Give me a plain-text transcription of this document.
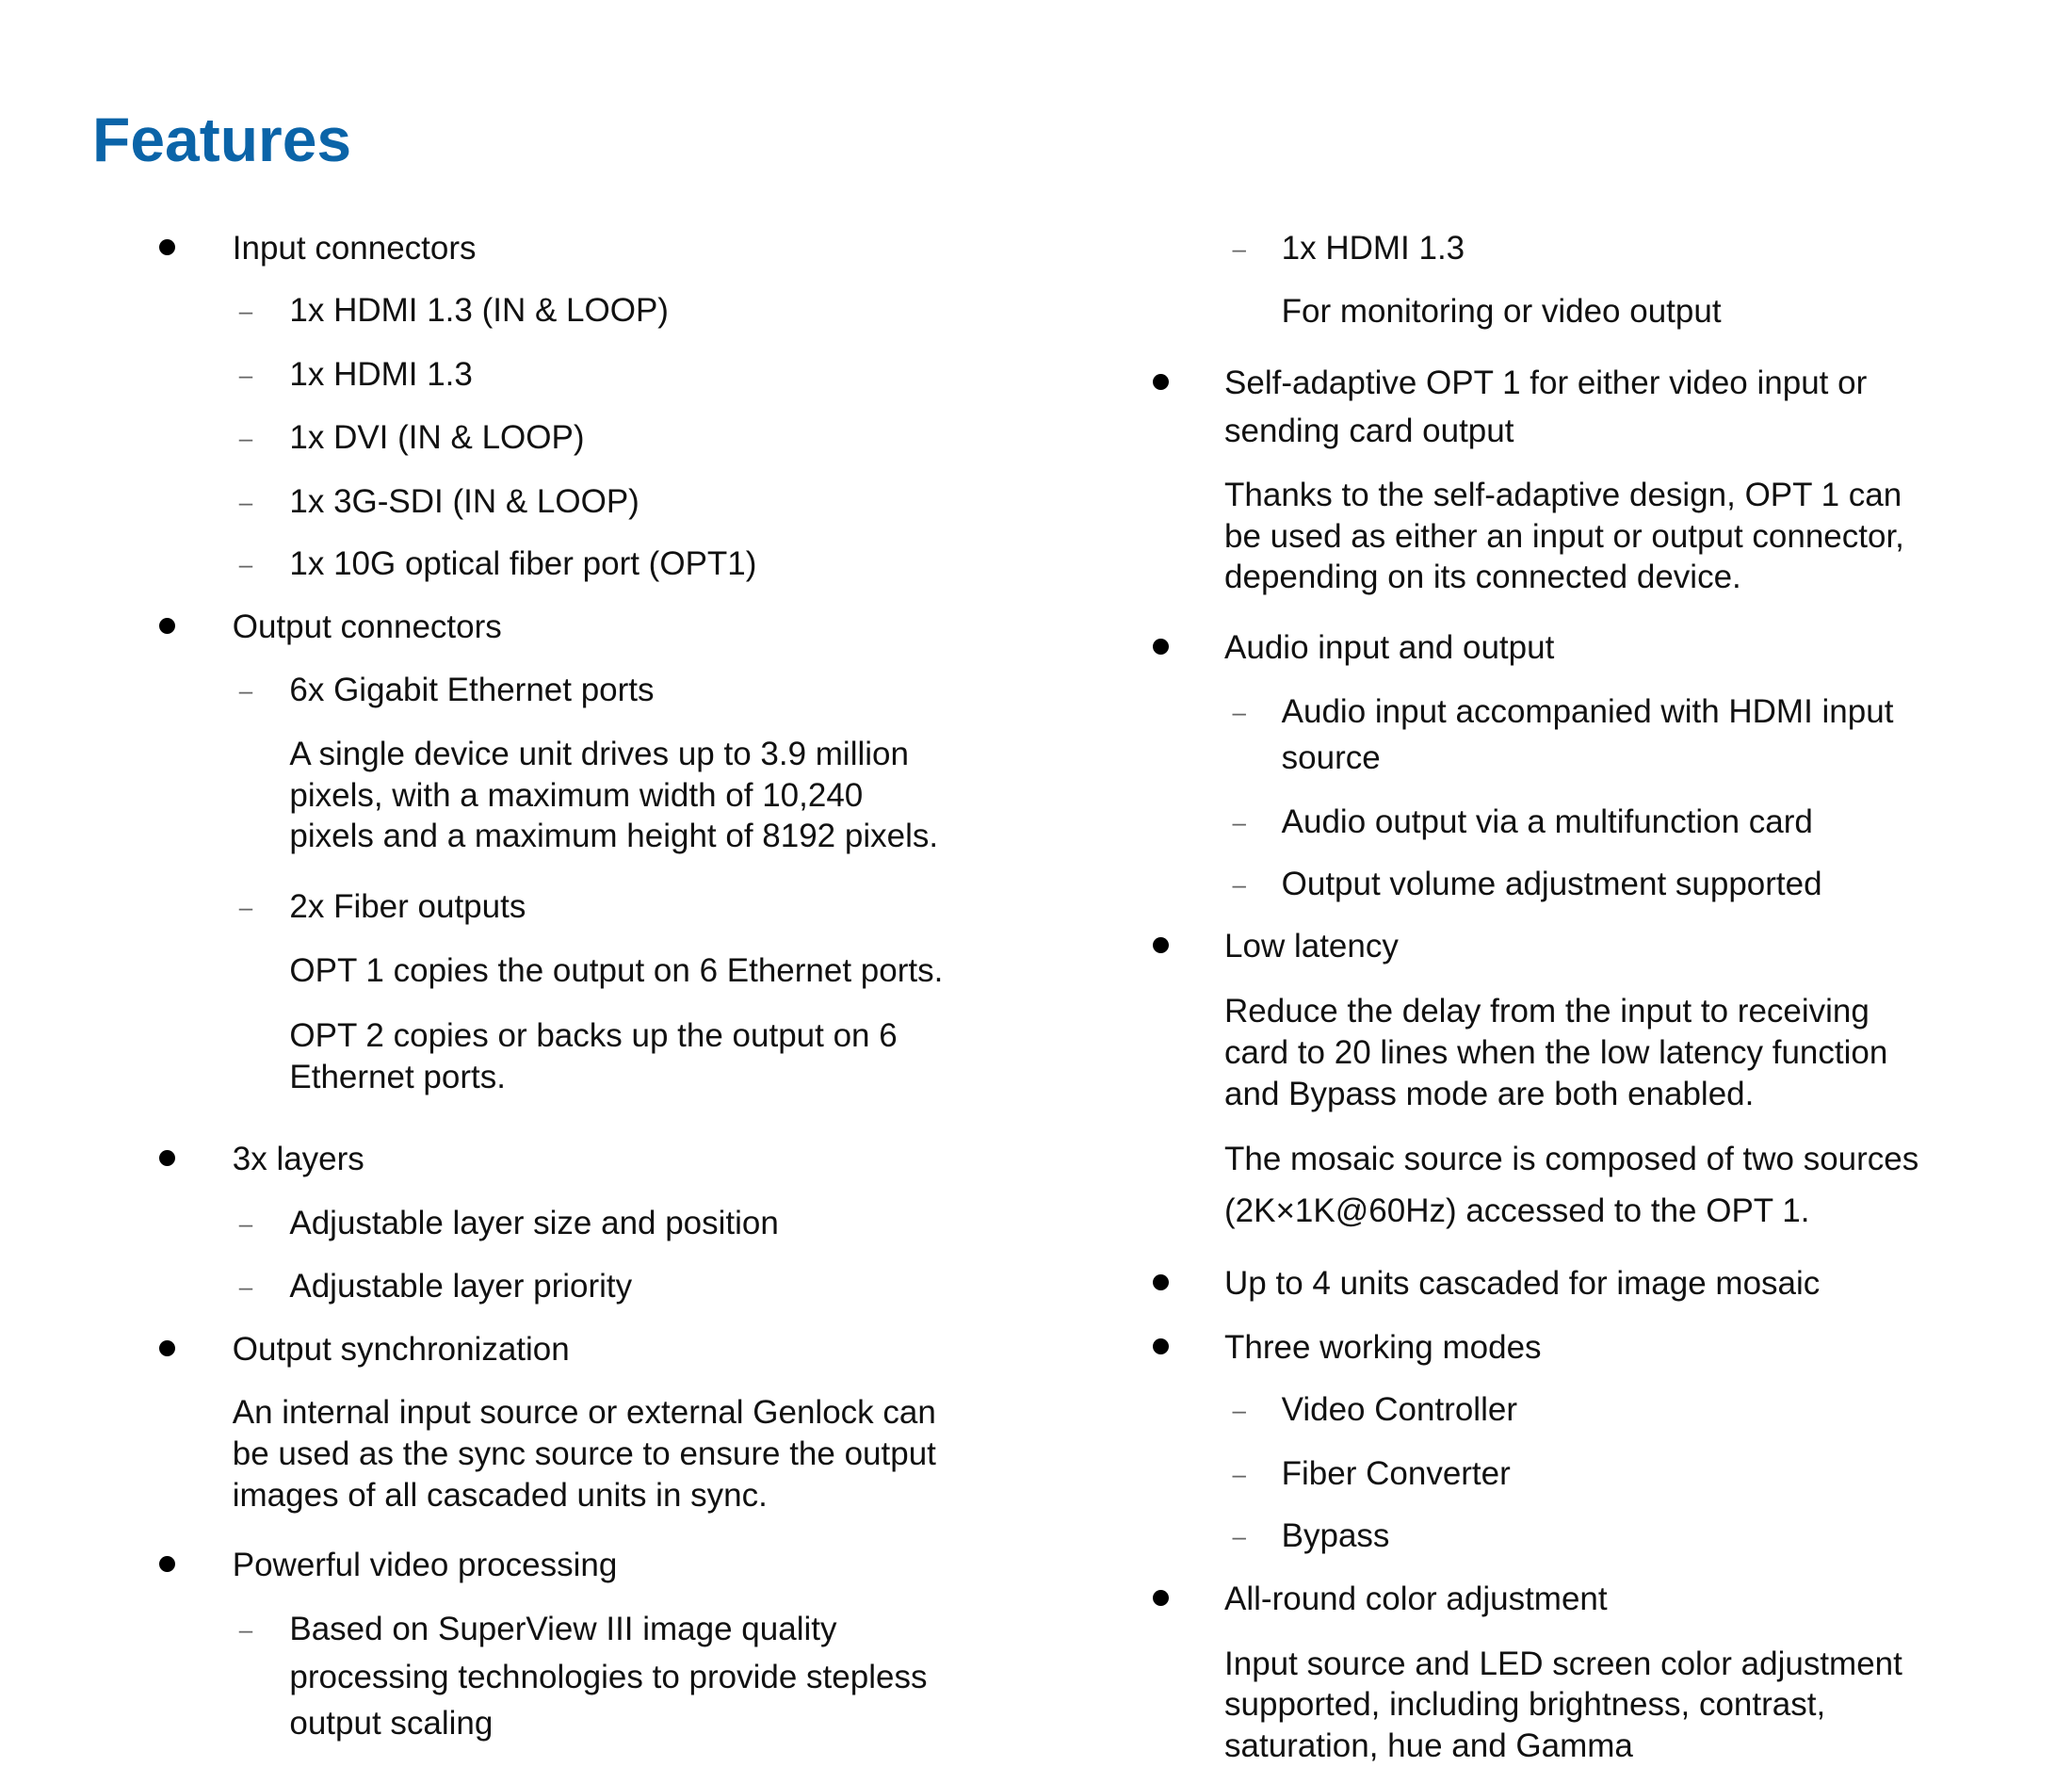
Features
Input connectors
– 1x HDMI 1.3 (IN & LOOP)
– 1x HDMI 1.3
– 1x DVI (IN & LOOP)
– 1x 3G-SDI (IN & LOOP)
– 1x 10G optical fiber port (OPT1)
Output connectors
– 6x Gigabit Ethernet ports
A single device unit drives up to 3.9 million
pixels, with a maximum width of 10,240
pixels and a maximum height of 8192 pixels.
– 2x Fiber outputs
OPT 1 copies the output on 6 Ethernet ports.
OPT 2 copies or backs up the output on 6
Ethernet ports.
3x layers
– Adjustable layer size and position
– Adjustable layer priority
Output synchronization
An internal input source or external Genlock can
be used as the sync source to ensure the output
images of all cascaded units in sync.
Powerful video processing
– Based on SuperView III image quality
processing technologies to provide stepless
output scaling
– 1x HDMI 1.3
For monitoring or video output
Self-adaptive OPT 1 for either video input or
sending card output
Thanks to the self-adaptive design, OPT 1 can
be used as either an input or output connector,
depending on its connected device.
Audio input and output
– Audio input accompanied with HDMI input
source
– Audio output via a multifunction card
– Output volume adjustment supported
Low latency
Reduce the delay from the input to receiving
card to 20 lines when the low latency function
and Bypass mode are both enabled.
The mosaic source is composed of two sources
(2K×1K@60Hz) accessed to the OPT 1.
Up to 4 units cascaded for image mosaic
Three working modes
– Video Controller
– Fiber Converter
– Bypass
All-round color adjustment
Input source and LED screen color adjustment
supported, including brightness, contrast,
saturation, hue and Gamma
